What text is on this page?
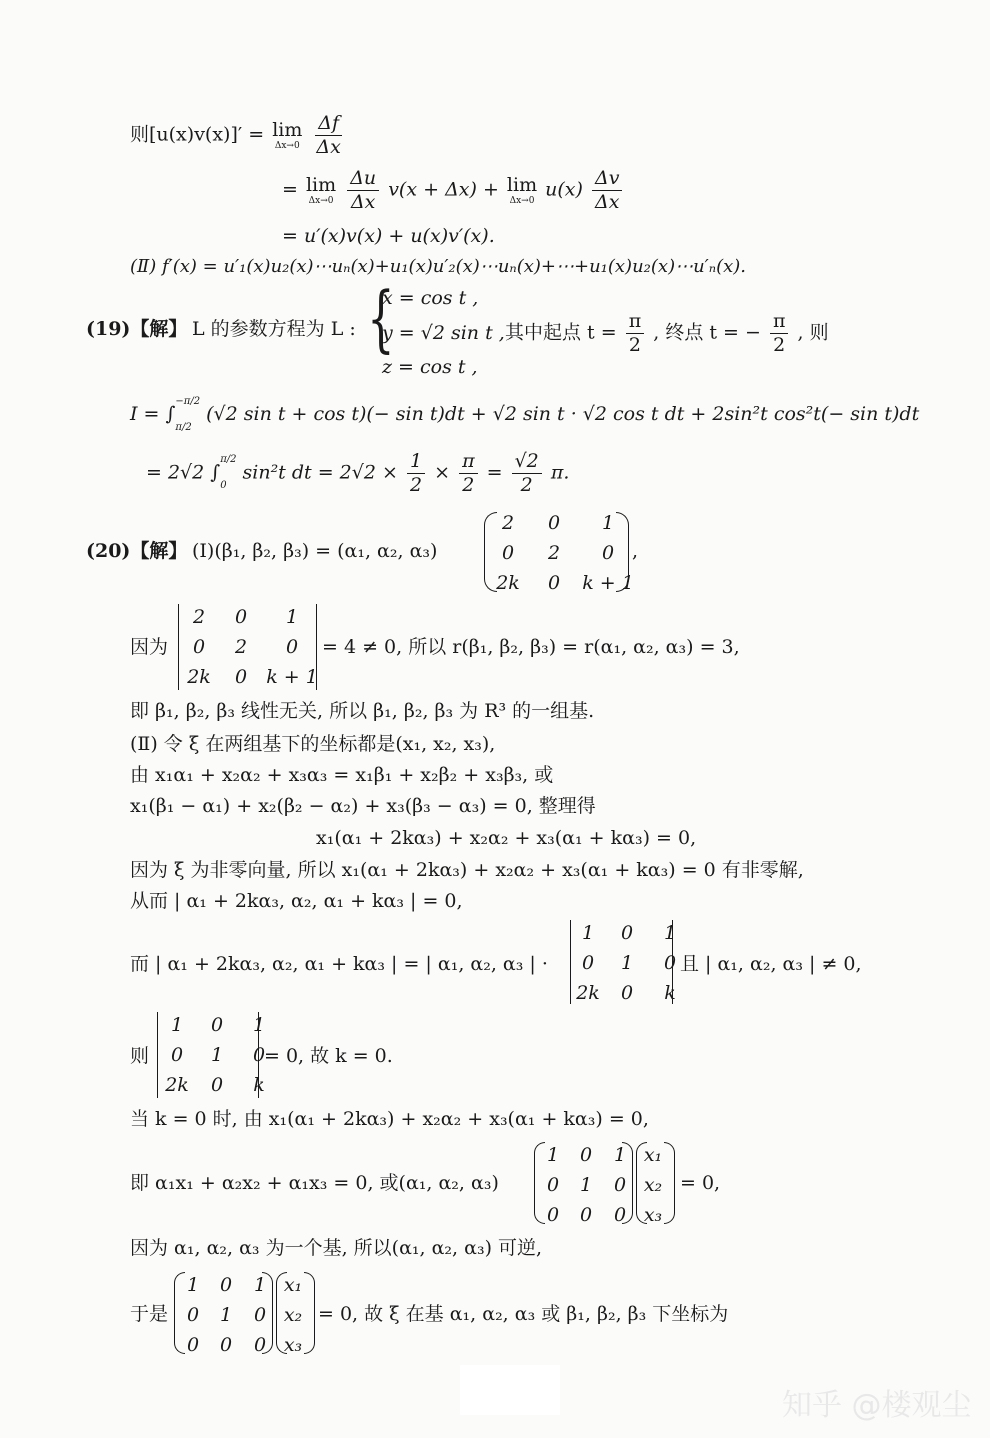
则[u(x)v(x)]′ = lim
Δx→0
$\frac{\Delta f}{\Delta x}$
= lim
Δx→0
$\frac{\Delta u}{\Delta x} v(x + \Delta x) + \lim$
Δx→0
$u(x) \frac{\Delta v}{\Delta x}$
= u′(x)v(x) + u(x)v′(x).
(Ⅱ) f′(x) = u′₁(x)u₂(x)⋯uₙ(x)+u₁(x)u′₂(x)⋯uₙ(x)+⋯+u₁(x)u₂(x)⋯u′ₙ(x).
(19)【解】 L 的参数方程为 L : {
x = cos t ,
y = √2 sin t ,
z = cos t ,
其中起点 $t = \frac{\pi}{2}$ , 终点 t = − $\frac{\pi}{2}$ , 则
I = ∫
−π/2
π/2
(√2 sin t + cos t)(− sin t)dt + √2 sin t · √2 cos t dt + 2sin²t cos²t(− sin t)dt
= 2√2 ∫
π/2
0
sin²t dt = $2√2 \times \frac{1}{2} \times \frac{\pi}{2} = \frac{√2}{2} \pi$.
(20)【解】 (Ⅰ)(β₁, β₂, β₃) = (α₁, α₂, α₃)
2	0	1
0	2	0
2k	0	k + 1
,
因为
2	0	1
0	2	0
2k	0	k + 1
= 4 ≠ 0, 所以 r(β₁, β₂, β₃) = r(α₁, α₂, α₃) = 3,
即 β₁, β₂, β₃ 线性无关, 所以 β₁, β₂, β₃ 为 R³ 的一组基.
(Ⅱ) 令 ξ 在两组基下的坐标都是(x₁, x₂, x₃),
由 x₁α₁ + x₂α₂ + x₃α₃ = x₁β₁ + x₂β₂ + x₃β₃, 或
x₁(β₁ − α₁) + x₂(β₂ − α₂) + x₃(β₃ − α₃) = 0, 整理得
x₁(α₁ + 2kα₃) + x₂α₂ + x₃(α₁ + kα₃) = 0,
因为 ξ 为非零向量, 所以 x₁(α₁ + 2kα₃) + x₂α₂ + x₃(α₁ + kα₃) = 0 有非零解,
从而 | α₁ + 2kα₃, α₂, α₁ + kα₃ | = 0,
而 | α₁ + 2kα₃, α₂, α₁ + kα₃ | = | α₁, α₂, α₃ | ·
1	0	1
0	1	0
2k	0	k
且 | α₁, α₂, α₃ | ≠ 0,
则
1	0	1
0	1	0
2k	0	k
= 0, 故 k = 0.
当 k = 0 时, 由 x₁(α₁ + 2kα₃) + x₂α₂ + x₃(α₁ + kα₃) = 0,
即 α₁x₁ + α₂x₂ + α₁x₃ = 0, 或(α₁, α₂, α₃)
1	0	1
0	1	0
0	0	0
x₁
x₂
x₃
= 0,
因为 α₁, α₂, α₃ 为一个基, 所以(α₁, α₂, α₃) 可逆,
于是
1	0	1
0	1	0
0	0	0
x₁
x₂
x₃
= 0, 故 ξ 在基 α₁, α₂, α₃ 或 β₁, β₂, β₃ 下坐标为
知乎 @楼观尘
